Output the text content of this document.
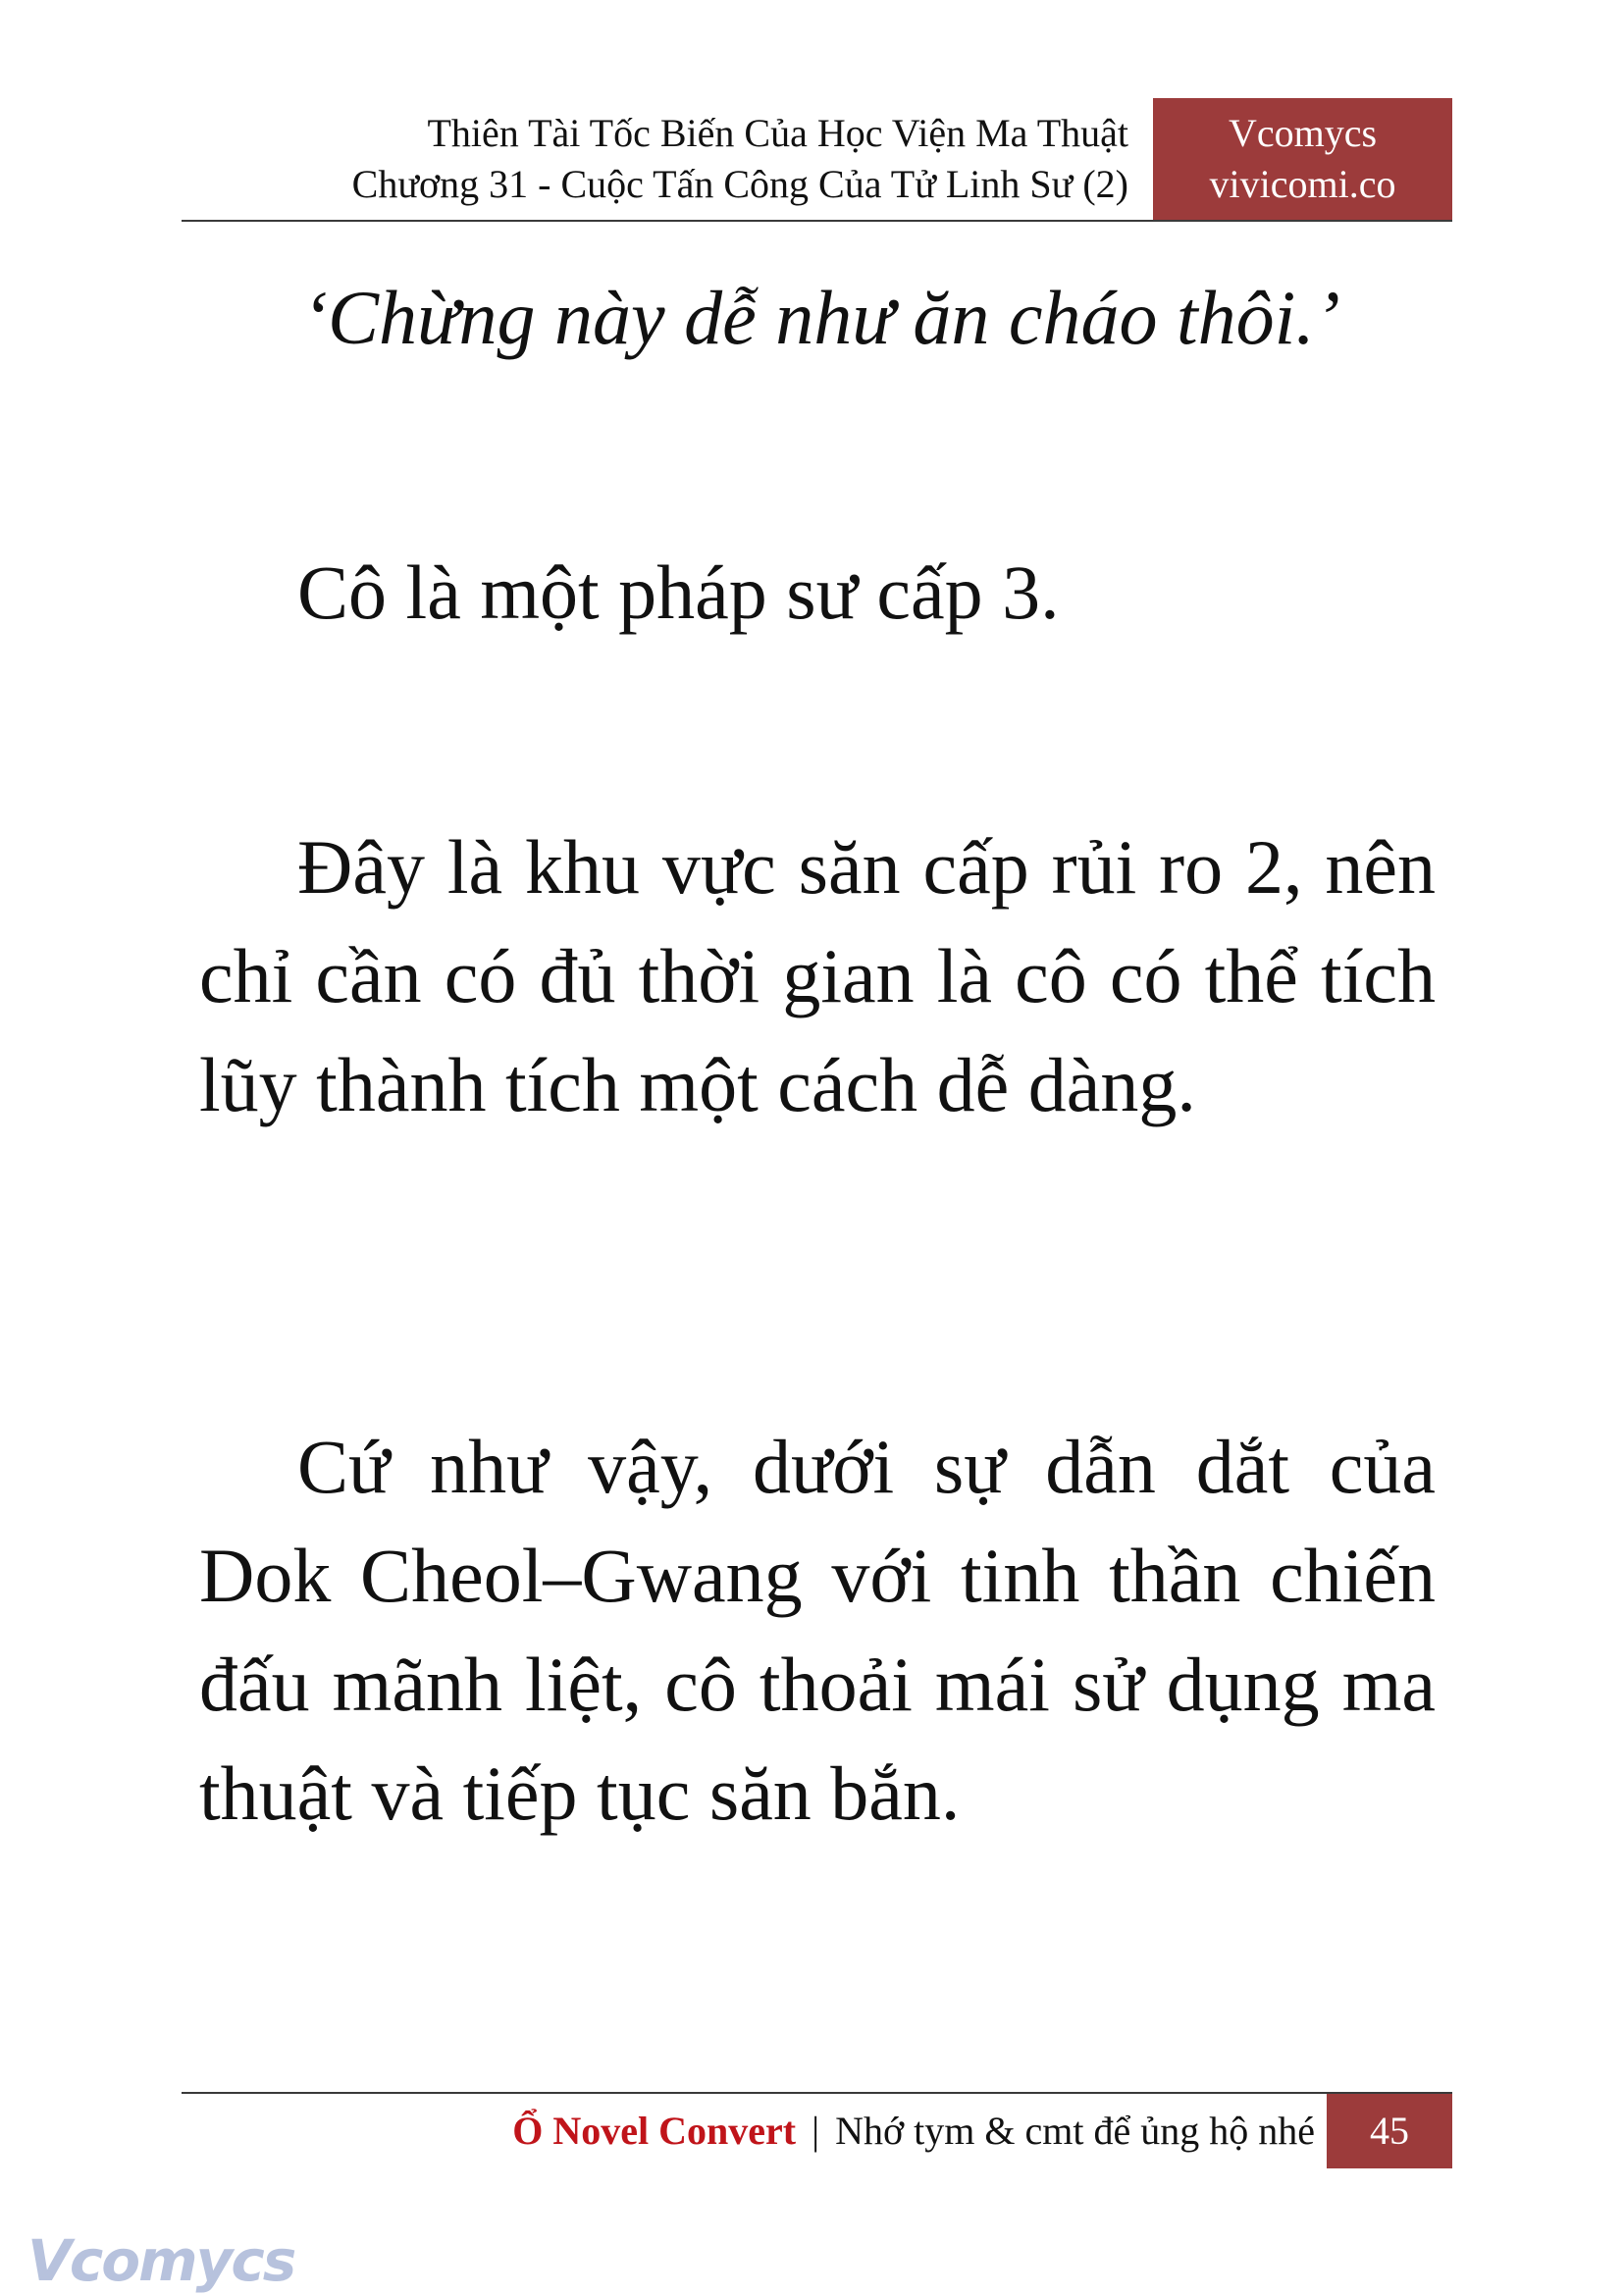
Thiên Tài Tốc Biến Của Học Viện Ma Thuật
Chương 31 - Cuộc Tấn Công Của Tử Linh Sư (2)
Vcomycs
vivicomi.co
‘Chừng này dễ như ăn cháo thôi.’

Cô là một pháp sư cấp 3.

Đây là khu vực săn cấp rủi ro 2, nên chỉ cần có đủ thời gian là cô có thể tích lũy thành tích một cách dễ dàng.

Cứ như vậy, dưới sự dẫn dắt của Dok Cheol–Gwang với tinh thần chiến đấu mãnh liệt, cô thoải mái sử dụng ma thuật và tiếp tục săn bắn.

Ổ Novel Convert | Nhớ tym & cmt để ủng hộ nhé	45
Vcomycs
